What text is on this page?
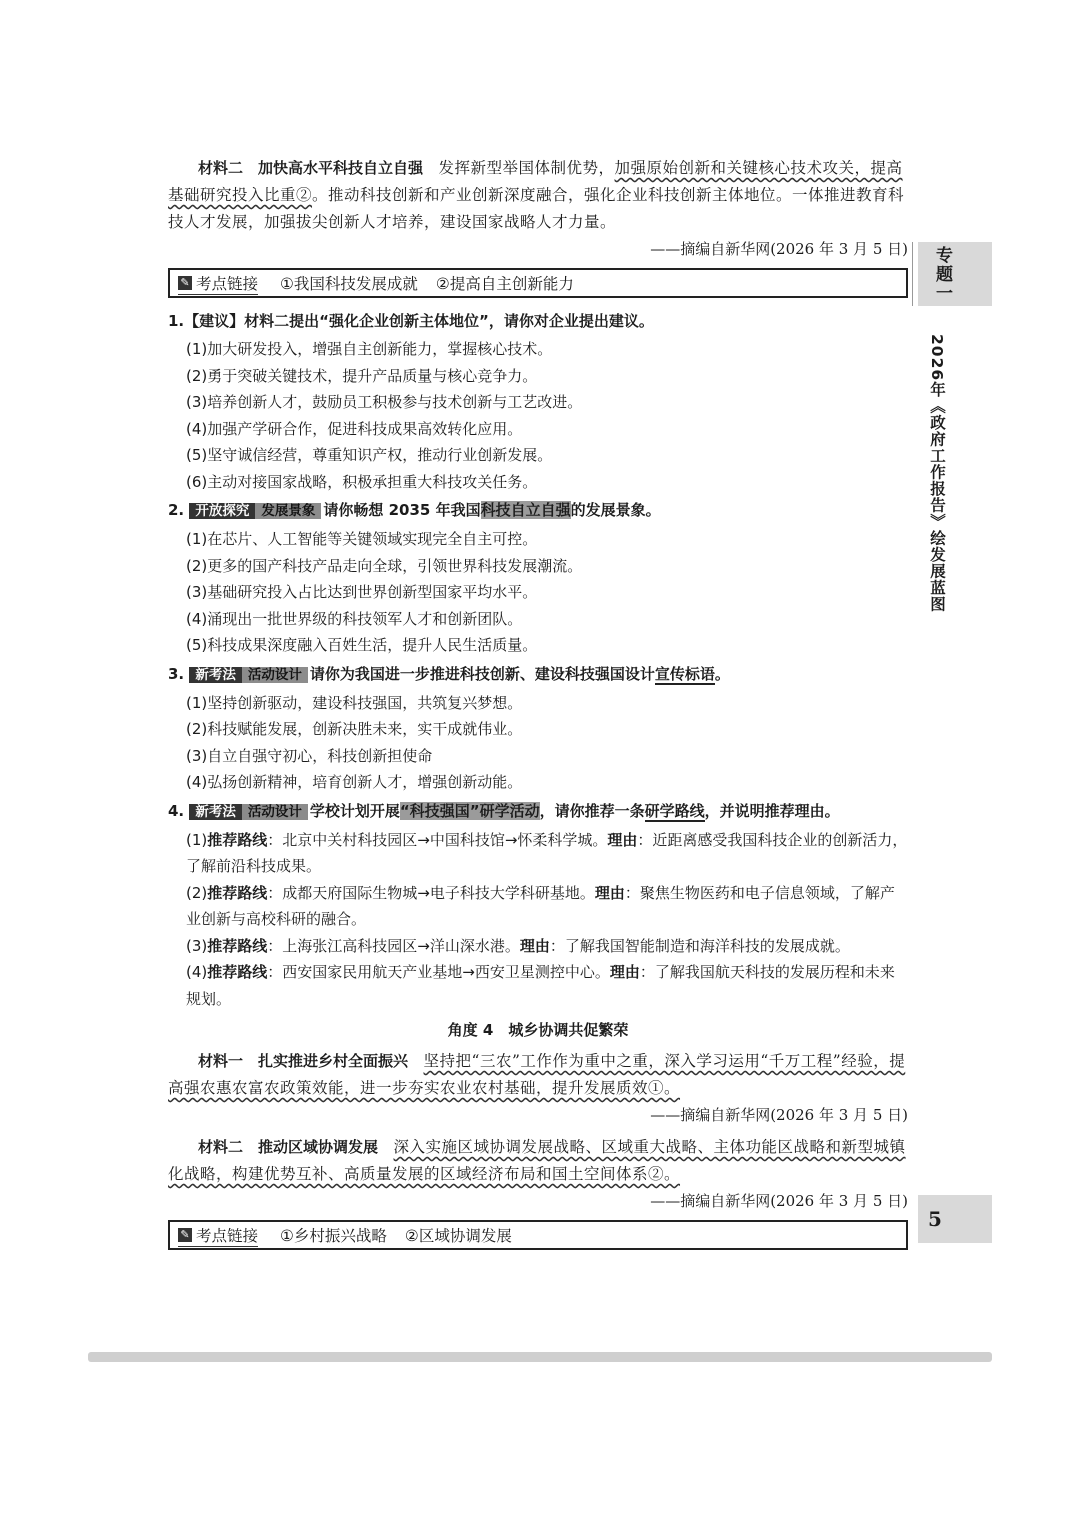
材料二　加快高水平科技自立自强　 发挥新型举国体制优势，加强原始创新和关键核心技术攻关，提高基础研究投入比重②。推动科技创新和产业创新深度融合，强化企业科技创新主体地位。一体推进教育科技人才发展，加强拔尖创新人才培养，建设国家战略人才力量。

——摘编自新华网(2026 年 3 月 5 日)

✎ 考点链接 ①我国科技发展成就 ②提高自主创新能力

1.【建议】材料二提出“强化企业创新主体地位”，请你对企业提出建议。

(1)加大研发投入，增强自主创新能力，掌握核心技术。

(2)勇于突破关键技术，提升产品质量与核心竞争力。

(3)培养创新人才，鼓励员工积极参与技术创新与工艺改进。

(4)加强产学研合作，促进科技成果高效转化应用。

(5)坚守诚信经营，尊重知识产权，推动行业创新发展。

(6)主动对接国家战略，积极承担重大科技攻关任务。

2. 开放探究 发展景象 请你畅想 2035 年我国科技自立自强的发展景象。

(1)在芯片、人工智能等关键领域实现完全自主可控。

(2)更多的国产科技产品走向全球，引领世界科技发展潮流。

(3)基础研究投入占比达到世界创新型国家平均水平。

(4)涌现出一批世界级的科技领军人才和创新团队。

(5)科技成果深度融入百姓生活，提升人民生活质量。

3. 新考法 活动设计 请你为我国进一步推进科技创新、建设科技强国设计宣传标语。

(1)坚持创新驱动，建设科技强国，共筑复兴梦想。

(2)科技赋能发展，创新决胜未来，实干成就伟业。

(3)自立自强守初心，科技创新担使命

(4)弘扬创新精神，培育创新人才，增强创新动能。

4. 新考法 活动设计 学校计划开展“科技强国”研学活动，请你推荐一条研学路线，并说明推荐理由。

(1)推荐路线：北京中关村科技园区→中国科技馆→怀柔科学城。理由：近距离感受我国科技企业的创新活力，了解前沿科技成果。

(2)推荐路线：成都天府国际生物城→电子科技大学科研基地。理由：聚焦生物医药和电子信息领域，了解产业创新与高校科研的融合。

(3)推荐路线：上海张江高科技园区→洋山深水港。理由：了解我国智能制造和海洋科技的发展成就。

(4)推荐路线：西安国家民用航天产业基地→西安卫星测控中心。理由：了解我国航天科技的发展历程和未来规划。

角度 4　城乡协调共促繁荣

材料一　扎实推进乡村全面振兴　 坚持把“三农”工作作为重中之重，深入学习运用“千万工程”经验，提高强农惠农富农政策效能，进一步夯实农业农村基础，提升发展质效①。

——摘编自新华网(2026 年 3 月 5 日)

材料二　推动区域协调发展　 深入实施区域协调发展战略、区域重大战略、主体功能区战略和新型城镇化战略，构建优势互补、高质量发展的区域经济布局和国土空间体系②。

——摘编自新华网(2026 年 3 月 5 日)

✎ 考点链接 ①乡村振兴战略 ②区域协调发展
专题一
2026年《政府工作报告》绘发展蓝图
5
